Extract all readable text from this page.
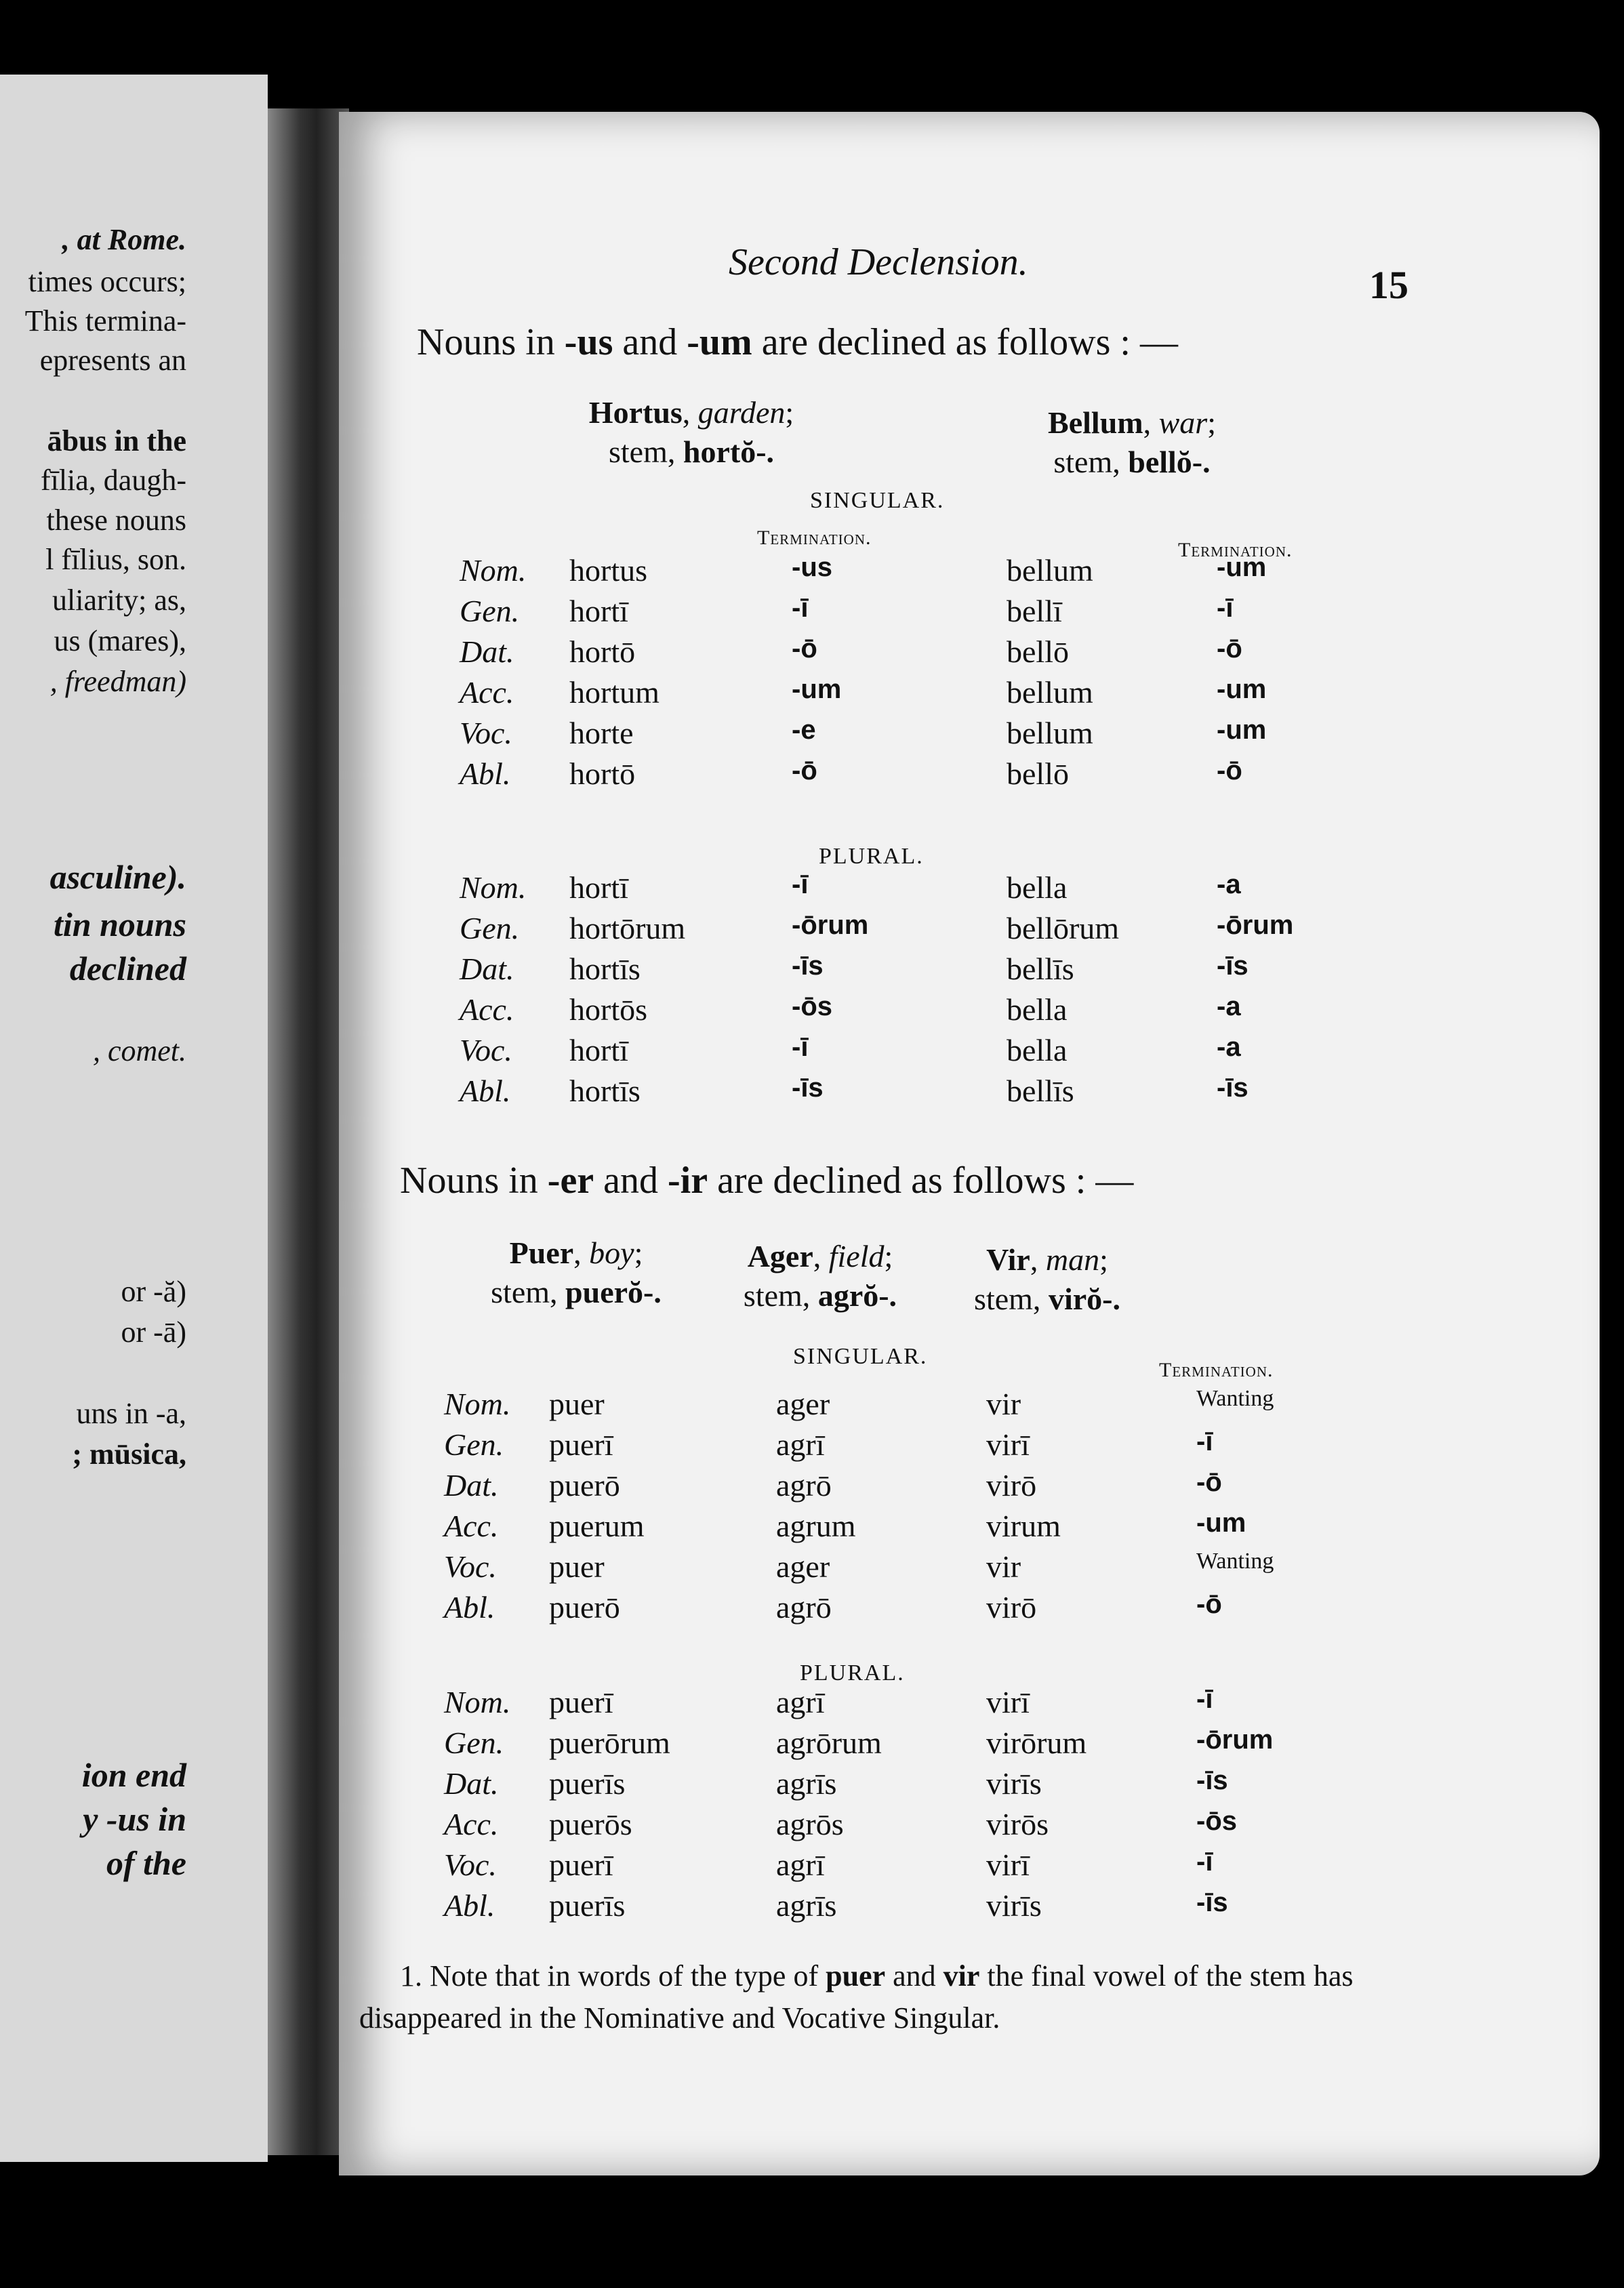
, at Rome.
times occurs;
This termina-
epresents an
ābus in the
fīlia, daugh-
these nouns
l fīlius, son.
uliarity; as,
us (mares),
, freedman)
asculine).
tin nouns
declined
, comet.
or -ă)
or -ā)
uns in -a,
; mūsica,
ion end
y -us in
of the
Second Declension.
15
Nouns in -us and -um are declined as follows : —
Hortus, garden;
stem, hortŏ-.
Bellum, war;
stem, bellŏ-.
SINGULAR.
Termination.
Termination.
Nom. hortus	-us	bellum	-um
Gen. hortī	-ī	bellī	-ī
Dat. hortō	-ō	bellō	-ō
Acc. hortum	-um	bellum	-um
Voc. horte	-e	bellum	-um
Abl. hortō	-ō	bellō	-ō
PLURAL.
Nom. hortī	-ī	bella	-a
Gen. hortōrum	-ōrum	bellōrum	-ōrum
Dat. hortīs	-īs	bellīs	-īs
Acc. hortōs	-ōs	bella	-a
Voc. hortī	-ī	bella	-a
Abl. hortīs	-īs	bellīs	-īs
Nouns in -er and -ir are declined as follows : —
Puer, boy;
stem, puerŏ-.
Ager, field;
stem, agrŏ-.
Vir, man;
stem, virŏ-.
SINGULAR.
Termination.
Nom. puer	ager	vir	Wanting
Gen. puerī	agrī	virī	-ī
Dat. puerō	agrō	virō	-ō
Acc. puerum	agrum	virum	-um
Voc. puer	ager	vir	Wanting
Abl. puerō	agrō	virō	-ō
PLURAL.
Nom. puerī	agrī	virī	-ī
Gen. puerōrum	agrōrum	virōrum	-ōrum
Dat. puerīs	agrīs	virīs	-īs
Acc. puerōs	agrōs	virōs	-ōs
Voc. puerī	agrī	virī	-ī
Abl. puerīs	agrīs	virīs	-īs
1. Note that in words of the type of puer and vir the final vowel of the stem has disappeared in the Nominative and Vocative Singular.
